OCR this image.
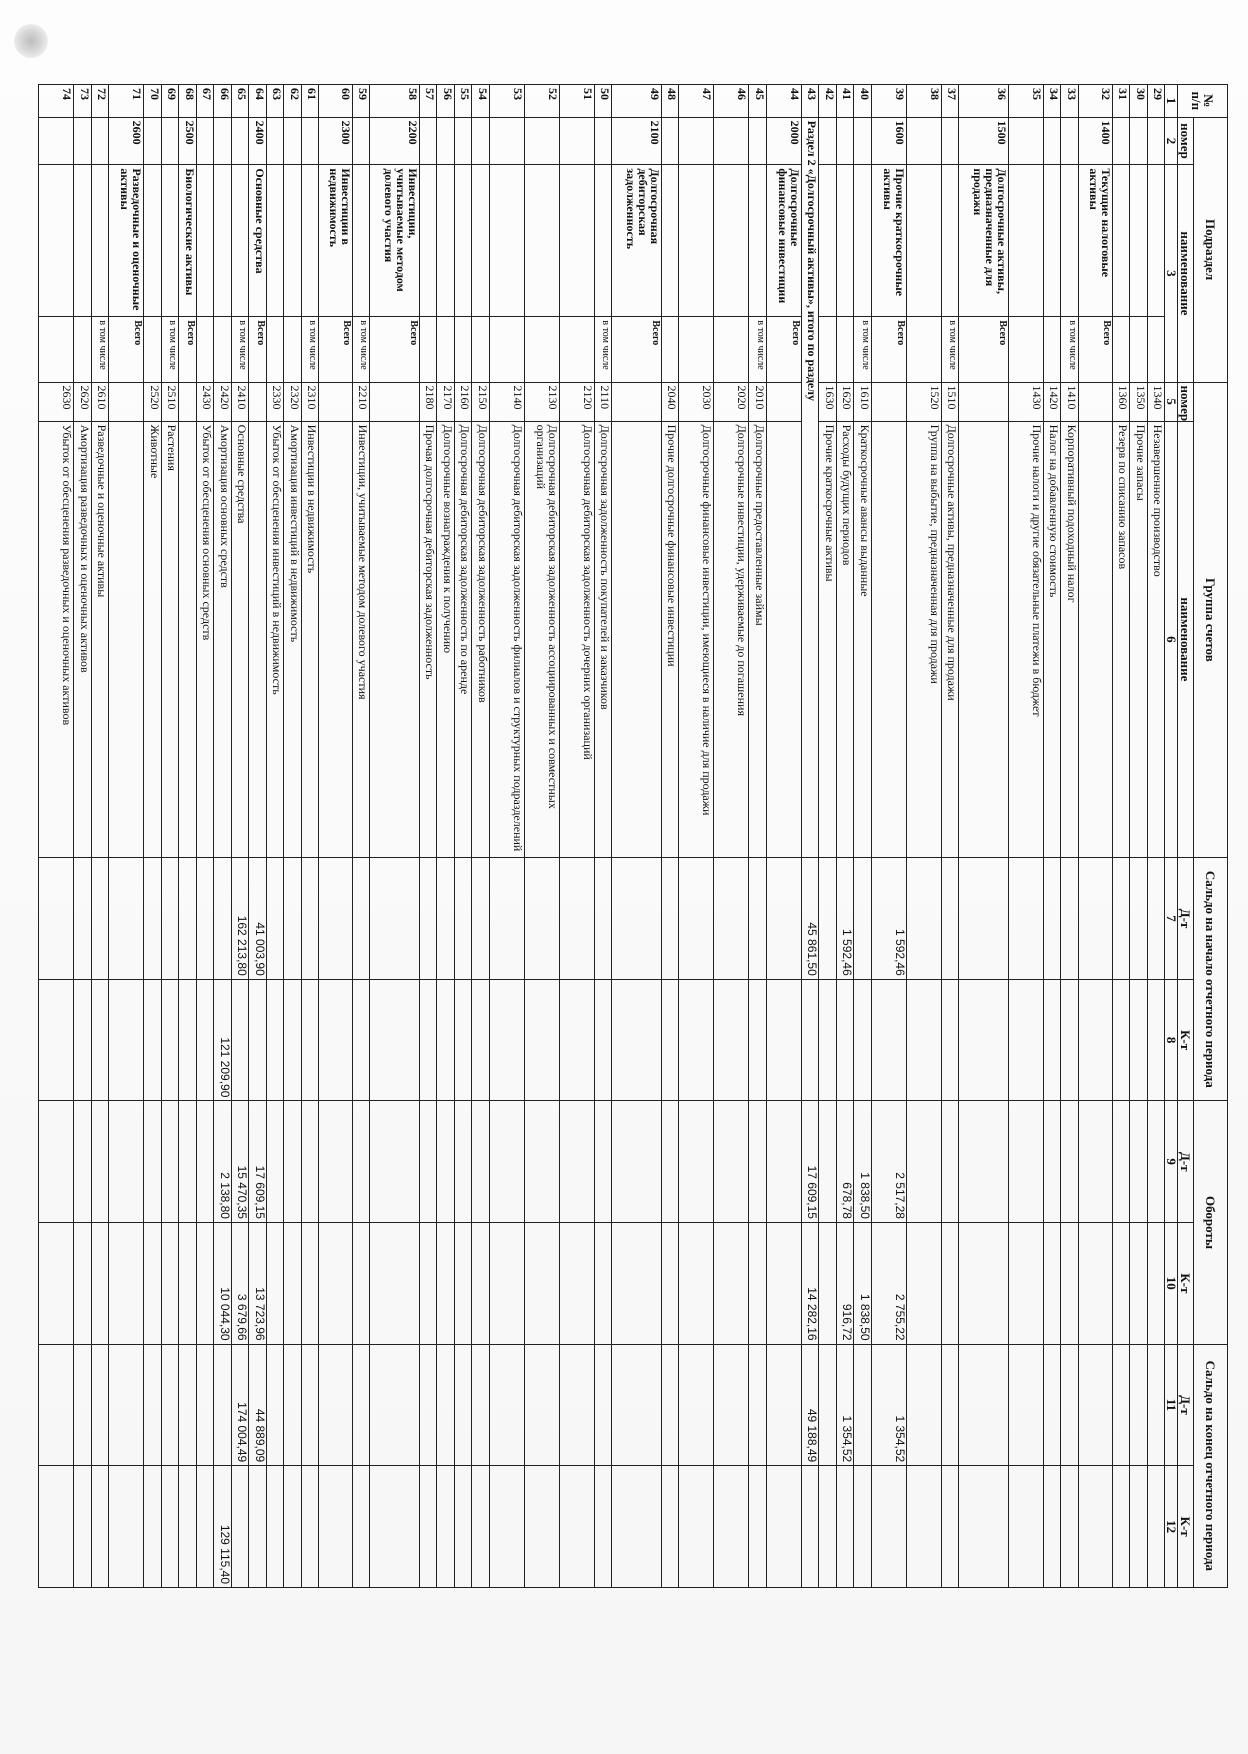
№ п/п	Подраздел			Группа счетов		Сальдо на начало отчетного периода		Обороты		Сальдо на конец отчетного периода	
	номер	наименование		номер	наименование	Д-т	К-т	Д-т	К-т	Д-т	К-т
1	2	3		5	6	7	8	9	10	11	12
29				1340	Незавершенное производство						
30				1350	Прочие запасы						
31				1360	Резерв по списанию запасов						
32	1400	Текущие налоговые активы	Всего								
33			в том числе	1410	Корпоративный подоходный налог						
34				1420	Налог на добавленную стоимость						
35				1430	Прочие налоги и другие обязательные платежи в бюджет						
36	1500	Долгосрочные активы, предназначенные для продажи	Всего								
37			в том числе	1510	Долгосрочные активы, предназначенные для продажи						
38				1520	Группа на выбытие, предназначенная для продажи						
39	1600	Прочие краткосрочные активы	Всего			1 592,46		2 517,28	2 755,22	1 354,52	
40			в том числе	1610	Краткосрочные авансы выданные			1 838,50	1 838,50		
41				1620	Расходы будущих периодов	1 592,46		678,78	916,72	1 354,52	
42				1630	Прочие краткосрочные активы						
43	Раздел 2 «Долгосрочный активы», итого по разделу					45 861,50		17 609,15	14 282,16	49 188,49	
44	2000	Долгосрочные финансовые инвестиции	Всего								
45			в том числе	2010	Долгосрочные предоставленные займы						
46				2020	Долгосрочные инвестиции, удерживаемые до погашения						
47				2030	Долгосрочные финансовые инвестиции, имеющиеся в наличие для продажи						
48				2040	Прочие долгосрочные финансовые инвестиции						
49	2100	Долгосрочная дебиторская задолженность	Всего								
50			в том числе	2110	Долгосрочная задолженность покупателей и заказчиков						
51				2120	Долгосрочная дебиторская задолженность дочерних организаций						
52				2130	Долгосрочная дебиторская задолженность ассоциированных и совместных организаций						
53				2140	Долгосрочная дебиторская задолженность филиалов и структурных подразделений						
54				2150	Долгосрочная дебиторская задолженность работников						
55				2160	Долгосрочная дебиторская задолженность по аренде						
56				2170	Долгосрочные вознаграждения к получению						
57				2180	Прочая долгосрочная дебиторская задолженность						
58	2200	Инвестиции, учитываемые методом долевого участия	Всего								
59			в том числе	2210	Инвестиции, учитываемые методом долевого участия						
60	2300	Инвестиции в недвижимость	Всего								
61			в том числе	2310	Инвестиции в недвижимость						
62				2320	Амортизация инвестиций в недвижимость						
63				2330	Убыток от обесценения инвестиций в недвижимость						
64	2400	Основные средства	Всего			41 003,90		17 609,15	13 723,96	44 889,09	
65			в том числе	2410	Основные средства	162 213,80		15 470,35	3 679,66	174 004,49	
66				2420	Амортизация основных средств		121 209,90	2 138,80	10 044,30		129 115,40
67				2430	Убыток от обесценения основных средств						
68	2500	Биологические активы	Всего								
69			в том числе	2510	Растения						
70				2520	Животные						
71	2600	Разведочные и оценочные активы	Всего								
72			в том числе	2610	Разведочные и оценочные активы						
73				2620	Амортизация разведочных и оценочных активов						
74				2630	Убыток от обесценения разведочных и оценочных активов						
